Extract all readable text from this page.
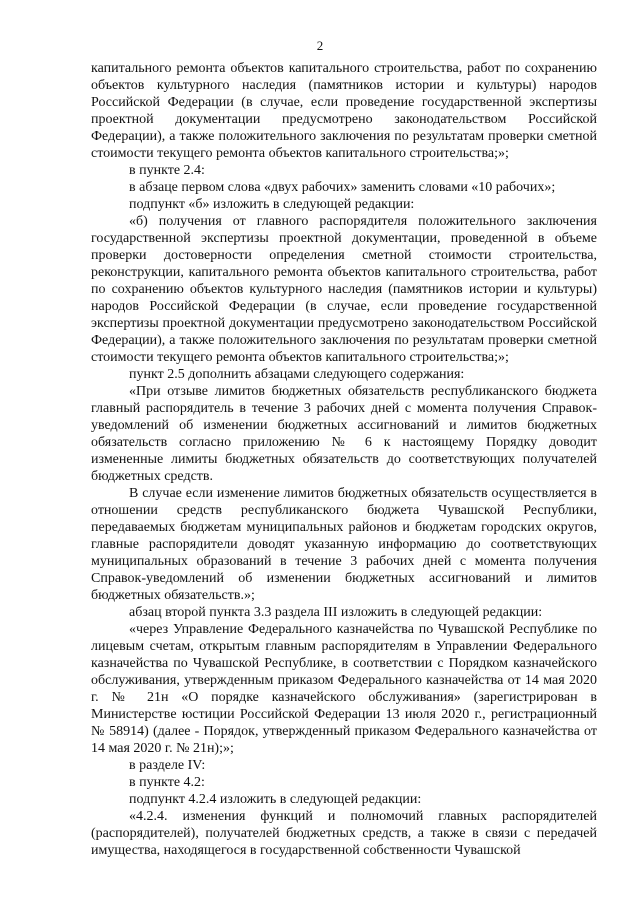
2

капитального ремонта объектов капитального строительства, работ по сохранению объектов культурного наследия (памятников истории и культуры) народов Российской Федерации (в случае, если проведение государственной экспертизы проектной документации предусмотрено законодательством Российской Федерации), а также положительного заключения по результатам проверки сметной стоимости текущего ремонта объектов капитального строительства;»;

в пункте 2.4:

в абзаце первом слова «двух рабочих» заменить словами «10 рабочих»;

подпункт «б» изложить в следующей редакции:

«б) получения от главного распорядителя положительного заключения государственной экспертизы проектной документации, проведенной в объеме проверки достоверности определения сметной стоимости строительства, реконструкции, капитального ремонта объектов капитального строительства, работ по сохранению объектов культурного наследия (памятников истории и культуры) народов Российской Федерации (в случае, если проведение государственной экспертизы проектной документации предусмотрено законодательством Российской Федерации), а также положительного заключения по результатам проверки сметной стоимости текущего ремонта объектов капитального строительства;»;

пункт 2.5 дополнить абзацами следующего содержания:

«При отзыве лимитов бюджетных обязательств республиканского бюджета главный распорядитель в течение 3 рабочих дней с момента получения Справок-уведомлений об изменении бюджетных ассигнований и лимитов бюджетных обязательств согласно приложению № 6 к настоящему Порядку доводит измененные лимиты бюджетных обязательств до соответствующих получателей бюджетных средств.

В случае если изменение лимитов бюджетных обязательств осуществляется в отношении средств республиканского бюджета Чувашской Республики, передаваемых бюджетам муниципальных районов и бюджетам городских округов, главные распорядители доводят указанную информацию до соответствующих муниципальных образований в течение 3 рабочих дней с момента получения Справок-уведомлений об изменении бюджетных ассигнований и лимитов бюджетных обязательств.»;

абзац второй пункта 3.3 раздела III изложить в следующей редакции:

«через Управление Федерального казначейства по Чувашской Республике по лицевым счетам, открытым главным распорядителям в Управлении Федерального казначейства по Чувашской Республике, в соответствии с Порядком казначейского обслуживания, утвержденным приказом Федерального казначейства от 14 мая 2020 г. № 21н «О порядке казначейского обслуживания» (зарегистрирован в Министерстве юстиции Российской Федерации 13 июля 2020 г., регистрационный № 58914) (далее - Порядок, утвержденный приказом Федерального казначейства от 14 мая 2020 г. № 21н);»;

в разделе IV:

в пункте 4.2:

подпункт 4.2.4 изложить в следующей редакции:

«4.2.4. изменения функций и полномочий главных распорядителей (распорядителей), получателей бюджетных средств, а также в связи с передачей имущества, находящегося в государственной собственности Чувашской
